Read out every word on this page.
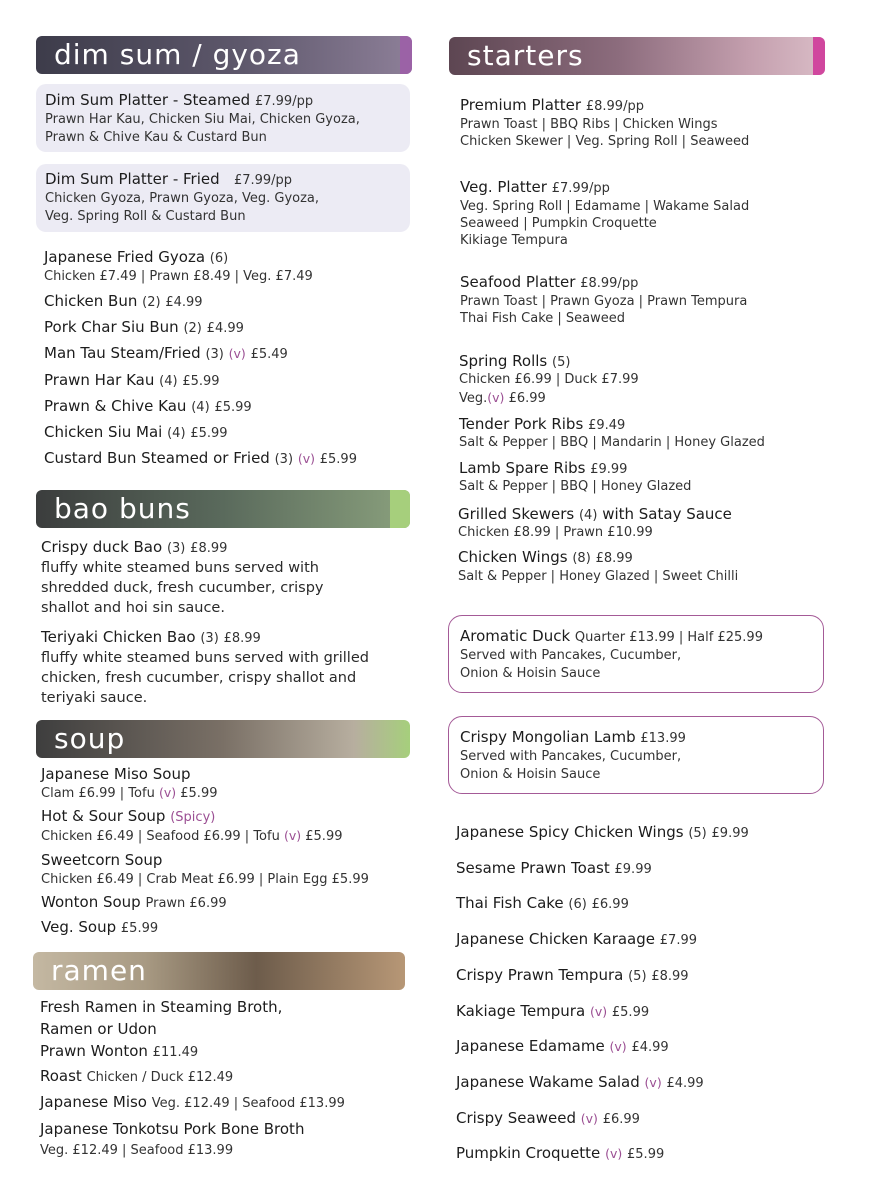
dim sum / gyoza
Dim Sum Platter - Steamed £7.99/pp
Prawn Har Kau, Chicken Siu Mai, Chicken Gyoza,
Prawn & Chive Kau & Custard Bun
Dim Sum Platter - Fried £7.99/pp
Chicken Gyoza, Prawn Gyoza, Veg. Gyoza,
Veg. Spring Roll & Custard Bun
Japanese Fried Gyoza (6)
Chicken £7.49 | Prawn £8.49 | Veg. £7.49
Chicken Bun (2) £4.99
Pork Char Siu Bun (2) £4.99
Man Tau Steam/Fried (3) (v) £5.49
Prawn Har Kau (4) £5.99
Prawn & Chive Kau (4) £5.99
Chicken Siu Mai (4) £5.99
Custard Bun Steamed or Fried (3) (v) £5.99
bao buns
Crispy duck Bao (3) £8.99
fluffy white steamed buns served with
shredded duck, fresh cucumber, crispy
shallot and hoi sin sauce.
Teriyaki Chicken Bao (3) £8.99
fluffy white steamed buns served with grilled
chicken, fresh cucumber, crispy shallot and
teriyaki sauce.
soup
Japanese Miso Soup
Clam £6.99 | Tofu (v) £5.99
Hot & Sour Soup (Spicy)
Chicken £6.49 | Seafood £6.99 | Tofu (v) £5.99
Sweetcorn Soup
Chicken £6.49 | Crab Meat £6.99 | Plain Egg £5.99
Wonton Soup Prawn £6.99
Veg. Soup £5.99
ramen
Fresh Ramen in Steaming Broth,
Ramen or Udon
Prawn Wonton £11.49
Roast Chicken / Duck £12.49
Japanese Miso Veg. £12.49 | Seafood £13.99
Japanese Tonkotsu Pork Bone Broth
Veg. £12.49 | Seafood £13.99
starters
Premium Platter £8.99/pp
Prawn Toast | BBQ Ribs | Chicken Wings
Chicken Skewer | Veg. Spring Roll | Seaweed
Veg. Platter £7.99/pp
Veg. Spring Roll | Edamame | Wakame Salad
Seaweed | Pumpkin Croquette
Kikiage Tempura
Seafood Platter £8.99/pp
Prawn Toast | Prawn Gyoza | Prawn Tempura
Thai Fish Cake | Seaweed
Spring Rolls (5)
Chicken £6.99 | Duck £7.99
Veg.(v) £6.99
Tender Pork Ribs £9.49
Salt & Pepper | BBQ | Mandarin | Honey Glazed
Lamb Spare Ribs £9.99
Salt & Pepper | BBQ | Honey Glazed
Grilled Skewers (4) with Satay Sauce
Chicken £8.99 | Prawn £10.99
Chicken Wings (8) £8.99
Salt & Pepper | Honey Glazed | Sweet Chilli
Aromatic Duck Quarter £13.99 | Half £25.99
Served with Pancakes, Cucumber,
Onion & Hoisin Sauce
Crispy Mongolian Lamb £13.99
Served with Pancakes, Cucumber,
Onion & Hoisin Sauce
Japanese Spicy Chicken Wings (5) £9.99
Sesame Prawn Toast £9.99
Thai Fish Cake (6) £6.99
Japanese Chicken Karaage £7.99
Crispy Prawn Tempura (5) £8.99
Kakiage Tempura (v) £5.99
Japanese Edamame (v) £4.99
Japanese Wakame Salad (v) £4.99
Crispy Seaweed (v) £6.99
Pumpkin Croquette (v) £5.99
